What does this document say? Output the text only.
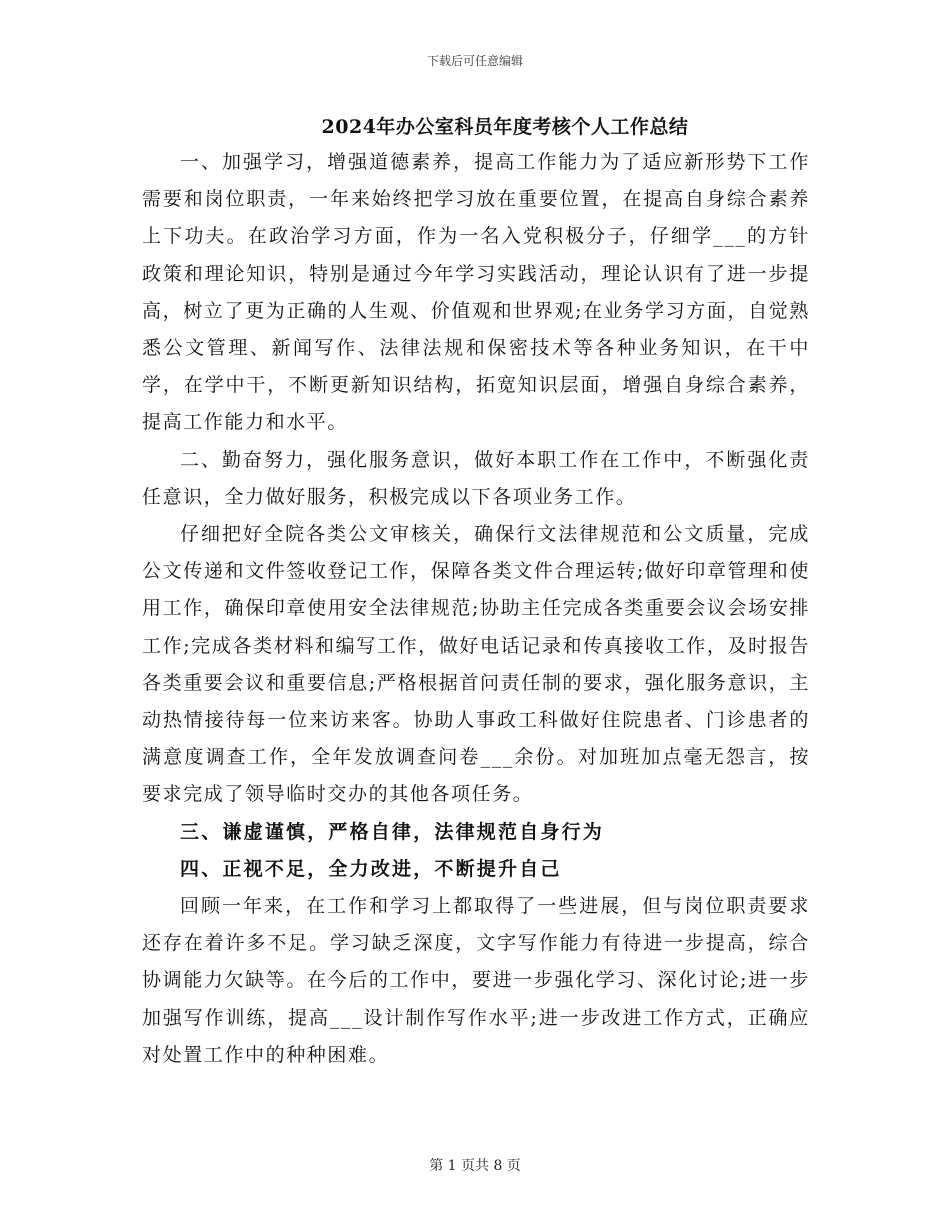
下载后可任意编辑
2024年办公室科员年度考核个人工作总结

一、加强学习，增强道德素养，提高工作能力为了适应新形势下工作需要和岗位职责，一年来始终把学习放在重要位置，在提高自身综合素养上下功夫。在政治学习方面，作为一名入党积极分子，仔细学___的方针政策和理论知识，特别是通过今年学习实践活动，理论认识有了进一步提高，树立了更为正确的人生观、价值观和世界观;在业务学习方面，自觉熟悉公文管理、新闻写作、法律法规和保密技术等各种业务知识，在干中学，在学中干，不断更新知识结构，拓宽知识层面，增强自身综合素养，提高工作能力和水平。

二、勤奋努力，强化服务意识，做好本职工作在工作中，不断强化责任意识，全力做好服务，积极完成以下各项业务工作。

仔细把好全院各类公文审核关，确保行文法律规范和公文质量，完成公文传递和文件签收登记工作，保障各类文件合理运转;做好印章管理和使用工作，确保印章使用安全法律规范;协助主任完成各类重要会议会场安排工作;完成各类材料和编写工作，做好电话记录和传真接收工作，及时报告各类重要会议和重要信息;严格根据首问责任制的要求，强化服务意识，主动热情接待每一位来访来客。协助人事政工科做好住院患者、门诊患者的满意度调查工作，全年发放调查问卷___余份。对加班加点毫无怨言，按要求完成了领导临时交办的其他各项任务。

三、谦虚谨慎，严格自律，法律规范自身行为

四、正视不足，全力改进，不断提升自己

回顾一年来，在工作和学习上都取得了一些进展，但与岗位职责要求还存在着许多不足。学习缺乏深度，文字写作能力有待进一步提高，综合协调能力欠缺等。在今后的工作中，要进一步强化学习、深化讨论;进一步加强写作训练，提高___设计制作写作水平;进一步改进工作方式，正确应对处置工作中的种种困难。

第 1 页共 8 页
